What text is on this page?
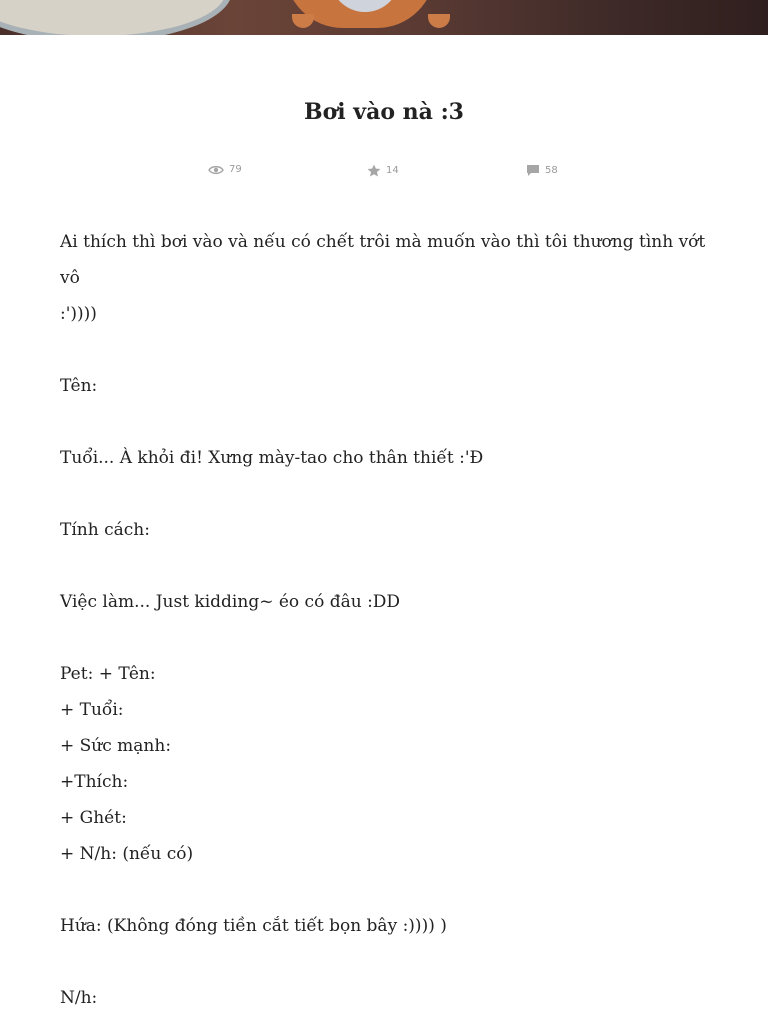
Bơi vào nà :3
79	14	58

Ai thích thì bơi vào và nếu có chết trôi mà muốn vào thì tôi thương tình vớt vô

:'))))

Tên:

Tuổi... À khỏi đi! Xưng mày-tao cho thân thiết :'Đ

Tính cách:

Việc làm... Just kidding~ éo có đâu :DD

Pet: + Tên:

+ Tuổi:

+ Sức mạnh:

+Thích:

+ Ghét:

+ N/h: (nếu có)

Hứa: (Không đóng tiền cắt tiết bọn bây :)))) )

N/h:
